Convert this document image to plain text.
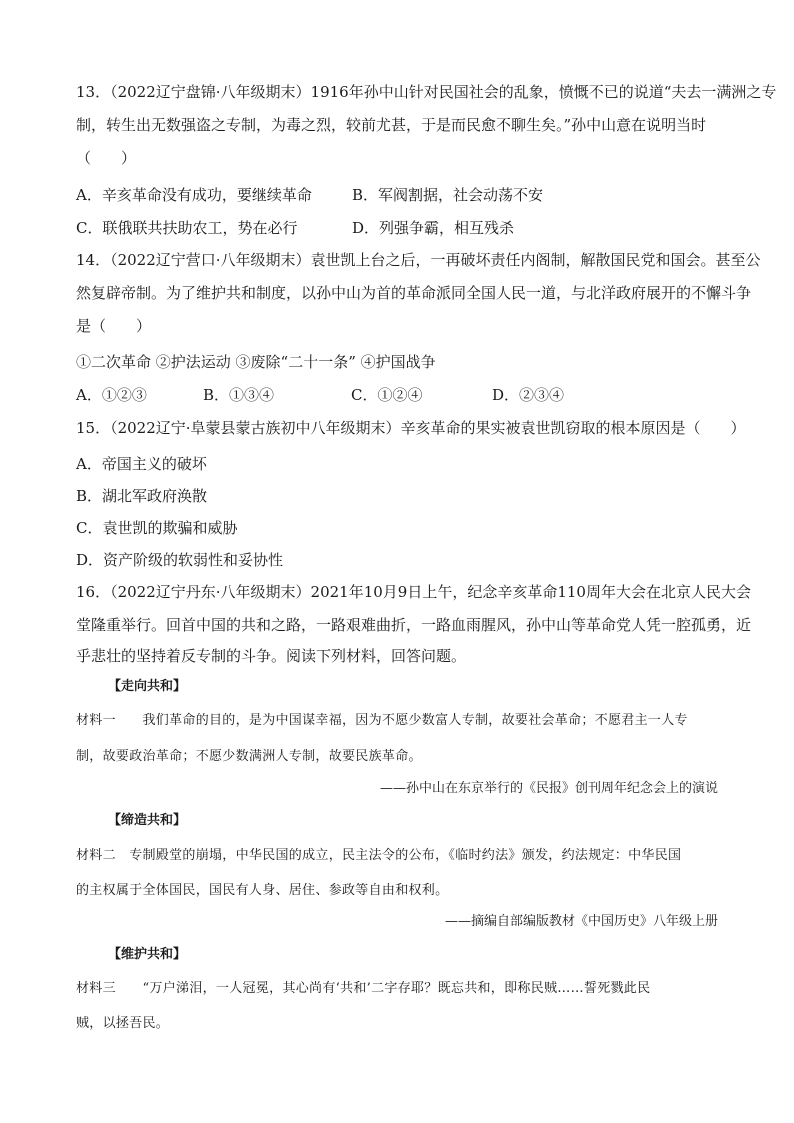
13．（2022辽宁盘锦·八年级期末）1916年孙中山针对民国社会的乱象，愤慨不已的说道“夫去一满洲之专
制，转生出无数强盗之专制，为毒之烈，较前尤甚，于是而民愈不聊生矣。”孙中山意在说明当时
（　　）
A．辛亥革命没有成功，要继续革命	B．军阀割据，社会动荡不安
C．联俄联共扶助农工，势在必行	D．列强争霸，相互残杀
14．（2022辽宁营口·八年级期末）袁世凯上台之后，一再破坏责任内阁制，解散国民党和国会。甚至公
然复辟帝制。为了维护共和制度，以孙中山为首的革命派同全国人民一道，与北洋政府展开的不懈斗争
是（　　）
①二次革命 ②护法运动 ③废除“二十一条” ④护国战争
A．①②③	B．①③④	C．①②④	D．②③④
15．（2022辽宁·阜蒙县蒙古族初中八年级期末）辛亥革命的果实被袁世凯窃取的根本原因是（　　）
A．帝国主义的破坏
B．湖北军政府涣散
C．袁世凯的欺骗和威胁
D．资产阶级的软弱性和妥协性
16．（2022辽宁丹东·八年级期末）2021年10月9日上午，纪念辛亥革命110周年大会在北京人民大会
堂隆重举行。回首中国的共和之路，一路艰难曲折，一路血雨腥风，孙中山等革命党人凭一腔孤勇，近
乎悲壮的坚持着反专制的斗争。阅读下列材料，回答问题。
【走向共和】
材料一　　我们革命的目的，是为中国谋幸福，因为不愿少数富人专制，故要社会革命；不愿君主一人专
制，故要政治革命；不愿少数满洲人专制，故要民族革命。
——孙中山在东京举行的《民报》创刊周年纪念会上的演说
【缔造共和】
材料二　专制殿堂的崩塌，中华民国的成立，民主法令的公布，《临时约法》颁发，约法规定：中华民国
的主权属于全体国民，国民有人身、居住、参政等自由和权利。
——摘编自部编版教材《中国历史》八年级上册
【维护共和】
材料三　　“万户涕泪，一人冠冕，其心尚有‘共和’二字存耶？既忘共和，即称民贼……誓死戮此民
贼，以拯吾民。
